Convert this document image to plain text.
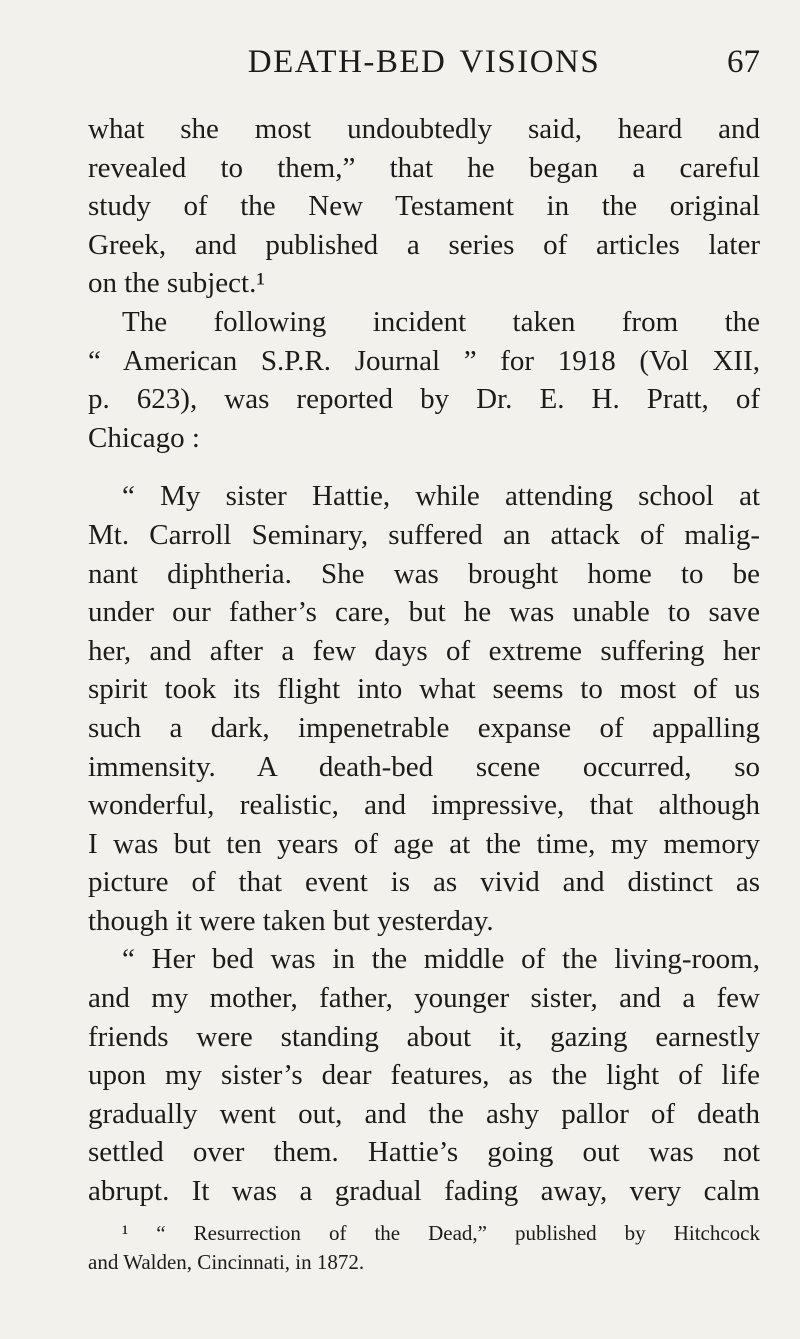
DEATH-BED VISIONS	67
what she most undoubtedly said, heard and
revealed to them,” that he began a careful
study of the New Testament in the original
Greek, and published a series of articles later
on the subject.¹
The following incident taken from the
“ American S.P.R. Journal ” for 1918 (Vol XII,
p. 623), was reported by Dr. E. H. Pratt, of
Chicago :
“ My sister Hattie, while attending school at
Mt. Carroll Seminary, suffered an attack of malig-
nant diphtheria. She was brought home to be
under our father’s care, but he was unable to save
her, and after a few days of extreme suffering her
spirit took its flight into what seems to most of us
such a dark, impenetrable expanse of appalling
immensity. A death-bed scene occurred, so
wonderful, realistic, and impressive, that although
I was but ten years of age at the time, my memory
picture of that event is as vivid and distinct as
though it were taken but yesterday.
“ Her bed was in the middle of the living-room,
and my mother, father, younger sister, and a few
friends were standing about it, gazing earnestly
upon my sister’s dear features, as the light of life
gradually went out, and the ashy pallor of death
settled over them. Hattie’s going out was not
abrupt. It was a gradual fading away, very calm
¹ “ Resurrection of the Dead,” published by Hitchcock
and Walden, Cincinnati, in 1872.
